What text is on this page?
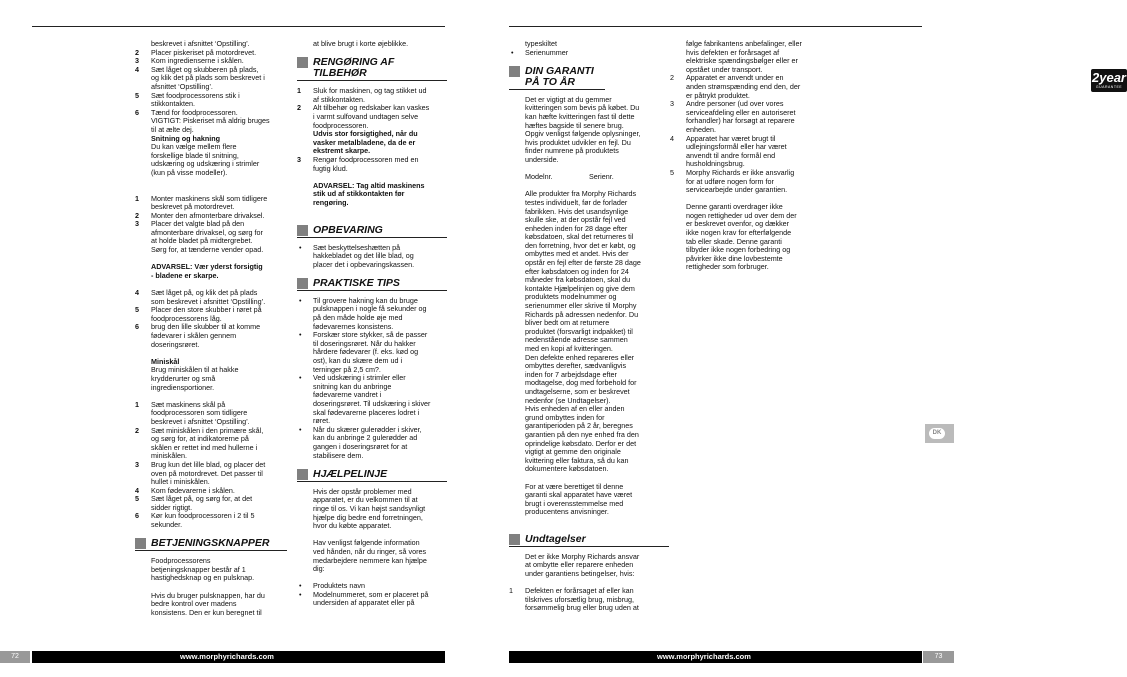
beskrevet i afsnittet ‘Opstilling’.
2 Placer piskeriset på motordrevet.
3 Kom ingredienserne i skålen.
4 Sæt låget og skubberen på plads,
og klik det på plads som beskrevet i
afsnittet ‘Opstilling’.
5 Sæt foodprocessorens stik i
stikkontakten.
6 Tænd for foodprocessoren.
VIGTIGT: Piskeriset må aldrig bruges
til at ælte dej.
Snitning og hakning
Du kan vælge mellem flere
forskellige blade til snitning,
udskæring og udskæring i strimler
(kun på visse modeller).
1 Monter maskinens skål som tidligere
beskrevet på motordrevet.
2 Monter den afmonterbare drivaksel.
3 Placer det valgte blad på den
afmonterbare drivaksel, og sørg for
at holde bladet på midtergrebet.
Sørg for, at tænderne vender opad.
ADVARSEL: Vær yderst forsigtig
- bladene er skarpe.
4 Sæt låget på, og klik det på plads
som beskrevet i afsnittet ‘Opstilling’.
5 Placer den store skubber i røret på
foodprocessorens låg.
6 brug den lille skubber til at komme
fødevarer i skålen gennem
doseringsrøret.
Miniskål
Brug miniskålen til at hakke
krydderurter og små
ingrediensportioner.
1 Sæt maskinens skål på
foodprocessoren som tidligere
beskrevet i afsnittet ‘Opstilling’.
2 Sæt miniskålen i den primære skål,
og sørg for, at indikatorerne på
skålen er rettet ind med hullerne i
miniskålen.
3 Brug kun det lille blad, og placer det
oven på motordrevet. Det passer til
hullet i miniskålen.
4 Kom fødevarerne i skålen.
5 Sæt låget på, og sørg for, at det
sidder rigtigt.
6 Kør kun foodprocessoren i 2 til 5
sekunder.
BETJENINGSKNAPPER
Foodprocessorens
betjeningsknapper består af 1
hastighedsknap og en pulsknap.
Hvis du bruger pulsknappen, har du
bedre kontrol over madens
konsistens. Den er kun beregnet til
at blive brugt i korte øjeblikke.
RENGØRING AF
TILBEHØR
1 Sluk for maskinen, og tag stikket ud
af stikkontakten.
2 Alt tilbehør og redskaber kan vaskes
i varmt sulfovand undtagen selve
foodprocessoren.
Udvis stor forsigtighed, når du
vasker metalbladene, da de er
ekstremt skarpe.
3 Rengør foodprocessoren med en
fugtig klud.
ADVARSEL: Tag altid maskinens
stik ud af stikkontakten før
rengøring.
OPBEVARING
• Sæt beskyttelseshætten på
hakkebladet og det lille blad, og
placer det i opbevaringskassen.
PRAKTISKE TIPS
• Til grovere hakning kan du bruge
pulsknappen i nogle få sekunder og
på den måde holde øje med
fødevarernes konsistens.
• Forskær store stykker, så de passer
til doseringsrøret. Når du hakker
hårdere fødevarer (f. eks. kød og
ost), kan du skære dem ud i
terninger på 2,5 cm?.
• Ved udskæring i strimler eller
snitning kan du anbringe
fødevarerne vandret i
doseringsrøret. Til udskæring i skiver
skal fødevarerne placeres lodret i
røret.
• Når du skærer gulerødder i skiver,
kan du anbringe 2 gulerødder ad
gangen i doseringsrøret for at
stabilisere dem.
HJÆLPELINJE
Hvis der opstår problemer med
apparatet, er du velkommen til at
ringe til os. Vi kan højst sandsynligt
hjælpe dig bedre end forretningen,
hvor du købte apparatet.
Hav venligst følgende information
ved hånden, når du ringer, så vores
medarbejdere nemmere kan hjælpe
dig:
• Produktets navn
• Modelnummeret, som er placeret på
undersiden af apparatet eller på
72	www.morphyrichards.com
typeskiltet
• Serienummer
DIN GARANTI
PÅ TO ÅR
Det er vigtigt at du gemmer
kvitteringen som bevis på købet. Du
kan hæfte kvitteringen fast til dette
hæftes bagside til senere brug.
Opgiv venligst følgende oplysninger,
hvis produktet udvikler en fejl. Du
finder numrene på produktets
underside.
Modelnr.	Serienr.
Alle produkter fra Morphy Richards
testes individuelt, før de forlader
fabrikken. Hvis det usandsynlige
skulle ske, at der opstår fejl ved
enheden inden for 28 dage efter
købsdatoen, skal det returneres til
den forretning, hvor det er købt, og
ombyttes med et andet. Hvis der
opstår en fejl efter de første 28 dage
efter købsdatoen og inden for 24
måneder fra købsdatoen, skal du
kontakte Hjælpelinjen og give dem
produktets modelnummer og
serienummer eller skrive til Morphy
Richards på adressen nedenfor. Du
bliver bedt om at returnere
produktet (forsvarligt indpakket) til
nedenstående adresse sammen
med en kopi af kvitteringen.
Den defekte enhed repareres eller
ombyttes derefter, sædvanligvis
inden for 7 arbejdsdage efter
modtagelse, dog med forbehold for
undtagelserne, som er beskrevet
nedenfor (se Undtagelser).
Hvis enheden af en eller anden
grund ombyttes inden for
garantiperioden på 2 år, beregnes
garantien på den nye enhed fra den
oprindelige købsdato. Derfor er det
vigtigt at gemme den originale
kvittering eller faktura, så du kan
dokumentere købsdatoen.
For at være berettiget til denne
garanti skal apparatet have været
brugt i overensstemmelse med
producentens anvisninger.
Undtagelser
Det er ikke Morphy Richards ansvar
at ombytte eller reparere enheden
under garantiens betingelser, hvis:
1 Defekten er forårsaget af eller kan
tilskrives uforsætlig brug, misbrug,
forsømmelig brug eller brug uden at
2year
GUARANTEE
følge fabrikantens anbefalinger, eller
hvis defekten er forårsaget af
elektriske spændingsbølger eller er
opstået under transport.
2 Apparatet er anvendt under en
anden strømspænding end den, der
er påtrykt produktet.
3 Andre personer (ud over vores
serviceafdeling eller en autoriseret
forhandler) har forsøgt at reparere
enheden.
4 Apparatet har været brugt til
udlejningsformål eller har været
anvendt til andre formål end
husholdningsbrug.
5 Morphy Richards er ikke ansvarlig
for at udføre nogen form for
servicearbejde under garantien.
Denne garanti overdrager ikke
nogen rettigheder ud over dem der
er beskrevet ovenfor, og dækker
ikke nogen krav for efterfølgende
tab eller skade. Denne garanti
tilbyder ikke nogen forbedring og
påvirker ikke dine lovbestemte
rettigheder som forbruger.
www.morphyrichards.com	73
DK
